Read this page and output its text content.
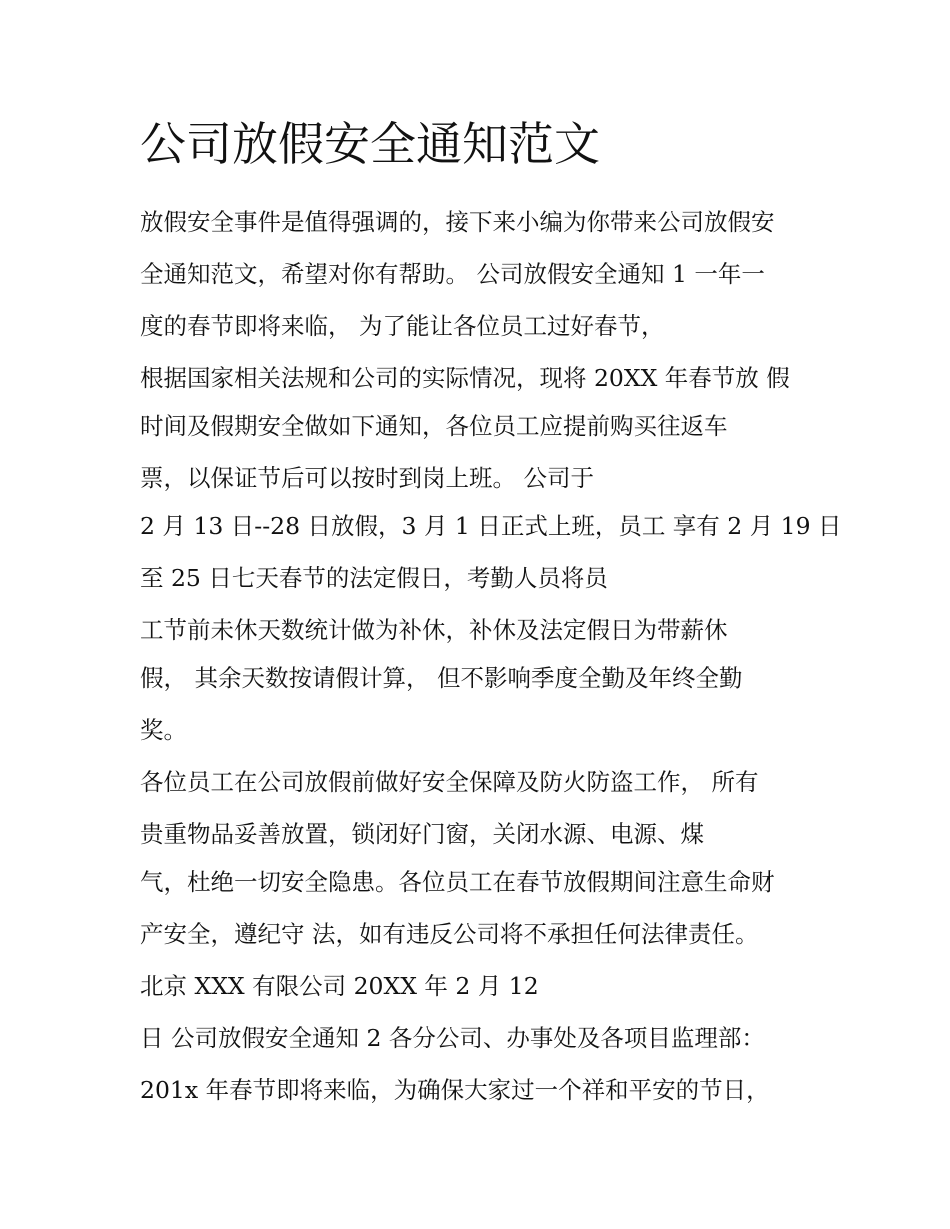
公司放假安全通知范文

放假安全事件是值得强调的，接下来小编为你带来公司放假安

全通知范文，希望对你有帮助。 公司放假安全通知 1 一年一

度的春节即将来临， 为了能让各位员工过好春节，

根据国家相关法规和公司的实际情况，现将 20XX 年春节放 假

时间及假期安全做如下通知，各位员工应提前购买往返车

票，以保证节后可以按时到岗上班。 公司于

2 月 13 日--28 日放假，3 月 1 日正式上班，员工 享有 2 月 19 日

至 25 日七天春节的法定假日，考勤人员将员

工节前未休天数统计做为补休，补休及法定假日为带薪休

假， 其余天数按请假计算， 但不影响季度全勤及年终全勤

奖。

各位员工在公司放假前做好安全保障及防火防盗工作， 所有

贵重物品妥善放置，锁闭好门窗，关闭水源、电源、煤

气，杜绝一切安全隐患。各位员工在春节放假期间注意生命财

产安全，遵纪守 法，如有违反公司将不承担任何法律责任。

北京 XXX 有限公司 20XX 年 2 月 12

日 公司放假安全通知 2 各分公司、办事处及各项目监理部：

201x 年春节即将来临，为确保大家过一个祥和平安的节日，
